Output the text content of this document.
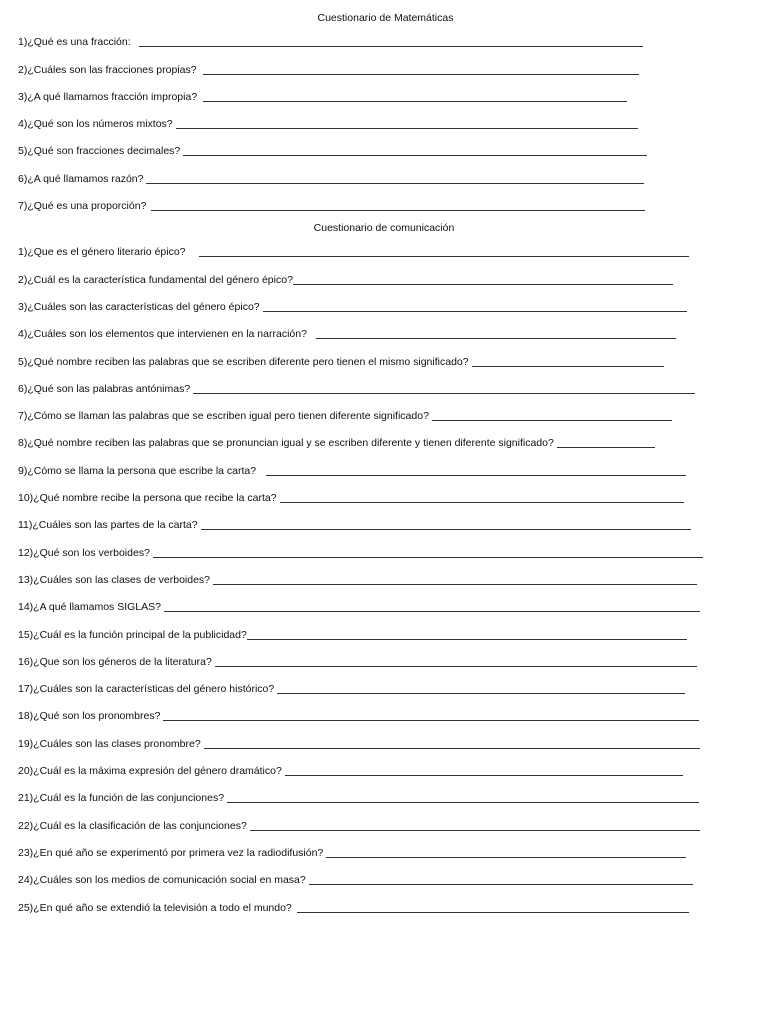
Cuestionario de Matemáticas
1)¿Qué es una fracción:
2)¿Cuáles son las fracciones propias?
3)¿A qué llamamos fracción impropia?
4)¿Qué son los números mixtos?
5)¿Qué son fracciones decimales?
6)¿A qué llamamos razón?
7)¿Qué es una proporción?
Cuestionario de comunicación
1)¿Que es el género literario épico?
2)¿Cuál es la característica fundamental del género épico?
3)¿Cuáles son las características del género épico?
4)¿Cuáles son los elementos que intervienen en la narración?
5)¿Qué nombre reciben las palabras que se escriben diferente pero tienen el mismo significado?
6)¿Qué son las palabras antónimas?
7)¿Cómo se llaman las palabras que se escriben igual pero tienen diferente significado?
8)¿Qué nombre reciben las palabras que se pronuncian igual y se escriben diferente y tienen diferente significado?
9)¿Cómo se llama la persona que escribe la carta?
10)¿Qué nombre recibe la persona que recibe la carta?
11)¿Cuáles son las partes de la carta?
12)¿Qué son los verboides?
13)¿Cuáles son las clases de verboides?
14)¿A qué llamamos SIGLAS?
15)¿Cuál es la función principal de la publicidad?
16)¿Que son los géneros de la literatura?
17)¿Cuáles son la características del género histórico?
18)¿Qué son los pronombres?
19)¿Cuáles son las clases pronombre?
20)¿Cuál es la máxima expresión del género dramático?
21)¿Cuál es la función de las conjunciones?
22)¿Cuál es la clasificación de las conjunciones?
23)¿En qué año se experimentó por primera vez la radiodifusión?
24)¿Cuáles son los medios de comunicación social en masa?
25)¿En qué año se extendió la televisión a todo el mundo?
